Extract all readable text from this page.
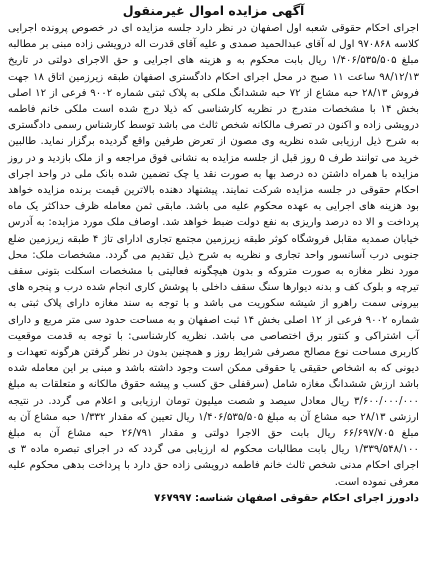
آگهی مزایده اموال غیرمنقول

اجرای احکام حقوقی شعبه اول اصفهان در نظر دارد جلسه مزایده ای در خصوص پرونده اجرایی کلاسه ۹۷۰۸۶۸ اول له آقای عبدالحمید صمدی و علیه آقای قدرت اله درویشی زاده مبنی بر مطالبه مبلغ ۱/۴۰۶/۵۳۵/۵۰۵ ریال بابت محکوم به و هزینه های اجرایی و حق الاجرای دولتی در تاریخ ۹۸/۱۲/۱۳ ساعت ۱۱ صبح در محل اجرای احکام دادگستری اصفهان طبقه زیرزمین اتاق ۱۸ جهت فروش ۲۸/۱۳ حبه مشاع از ۷۲ حبه ششدانگ ملکی به پلاک ثبتی شماره ۹۰۰۲ فرعی از ۱۲ اصلی بخش ۱۴ با مشخصات مندرج در نظریه کارشناسی که ذیلا درج شده است ملکی خانم فاطمه درویشی زاده و اکنون در تصرف مالکانه شخص ثالث می باشد توسط کارشناس رسمی دادگستری به شرح ذیل ارزیابی شده نظریه وی مصون از تعرض طرفین واقع گردیده برگزار نماید. طالبین خرید می توانند طرف ۵ روز قبل از جلسه مزایده به نشانی فوق مراجعه و از ملک بازدید و در روز مزایده با همراه داشتن ده درصد بها به صورت نقد یا چک تضمین شده بانک ملی در واحد اجرای احکام حقوقی در جلسه مزایده شرکت نمایند. پیشنهاد دهنده بالاترین قیمت برنده مزایده خواهد بود هزینه های اجرایی به عهده محکوم علیه می باشد. مابقی ثمن معامله ظرف حداکثر یک ماه پرداخت و الا ده درصد واریزی به نفع دولت ضبط خواهد شد. اوصاف ملک مورد مزایده: به آدرس خیابان صمدیه مقابل فروشگاه کوثر طبقه زیرزمین مجتمع تجاری ادارای تاژ ۴ طبقه زیرزمین ضلع جنوبی درب آسانسور واحد تجاری و نظریه به شرح ذیل تقدیم می گردد. مشخصات ملک: محل مورد نظر مغازه به صورت متروکه و بدون هیچگونه فعالیتی با مشخصات اسکلت بتونی سقف تیرچه و بلوک کف و بدنه دیوارها سنگ سقف داخلی با پوشش کاری انجام شده درب و پنجره های بیرونی سمت راهرو از شیشه سکوریت می باشد و با توجه به سند مغازه دارای پلاک ثبتی به شماره ۹۰۰۲ فرعی از ۱۲ اصلی بخش ۱۴ ثبت اصفهان و به مساحت حدود سی متر مربع و دارای آب اشتراکی و کنتور برق اختصاصی می باشد. نظریه کارشناسی: با توجه به قدمت موقعیت کاربری مساحت نوع مصالح مصرفی شرایط روز و همچنین بدون در نظر گرفتن هرگونه تعهدات و دیونی که به اشخاص حقیقی یا حقوقی ممکن است وجود داشته باشد و مبنی بر این معامله شده باشد ارزش ششدانگ مغازه شامل (سرقفلی حق کسب و پیشه حقوق مالکانه و متعلقات به مبلغ ۳/۶۰۰/۰۰۰/۰۰۰ ریال معادل سیصد و شصت میلیون تومان ارزیابی و اعلام می گردد. در نتیجه ارزشی ۲۸/۱۳ حبه مشاع آن به مبلغ ۱/۴۰۶/۵۳۵/۵۰۵ ریال تعیین که مقدار ۱/۳۳۲ حبه مشاع آن به مبلغ ۶۶/۶۹۷/۷۰۵ ریال بابت حق الاجرا دولتی و مقدار ۲۶/۷۹۱ حبه مشاع آن به مبلغ ۱/۳۳۹/۵۴۸/۱۰۰ ریال بابت مطالبات محکوم له ارزیابی می گردد که در اجرای تبصره ماده ۳ ی اجرای احکام مدنی شخص ثالث خانم فاطمه درویشی زاده حق دارد با پرداخت بدهی محکوم علیه معرفی نموده است.

دادورز اجرای احکام حقوقی اصفهان شناسه: ۷۶۷۹۹۷
